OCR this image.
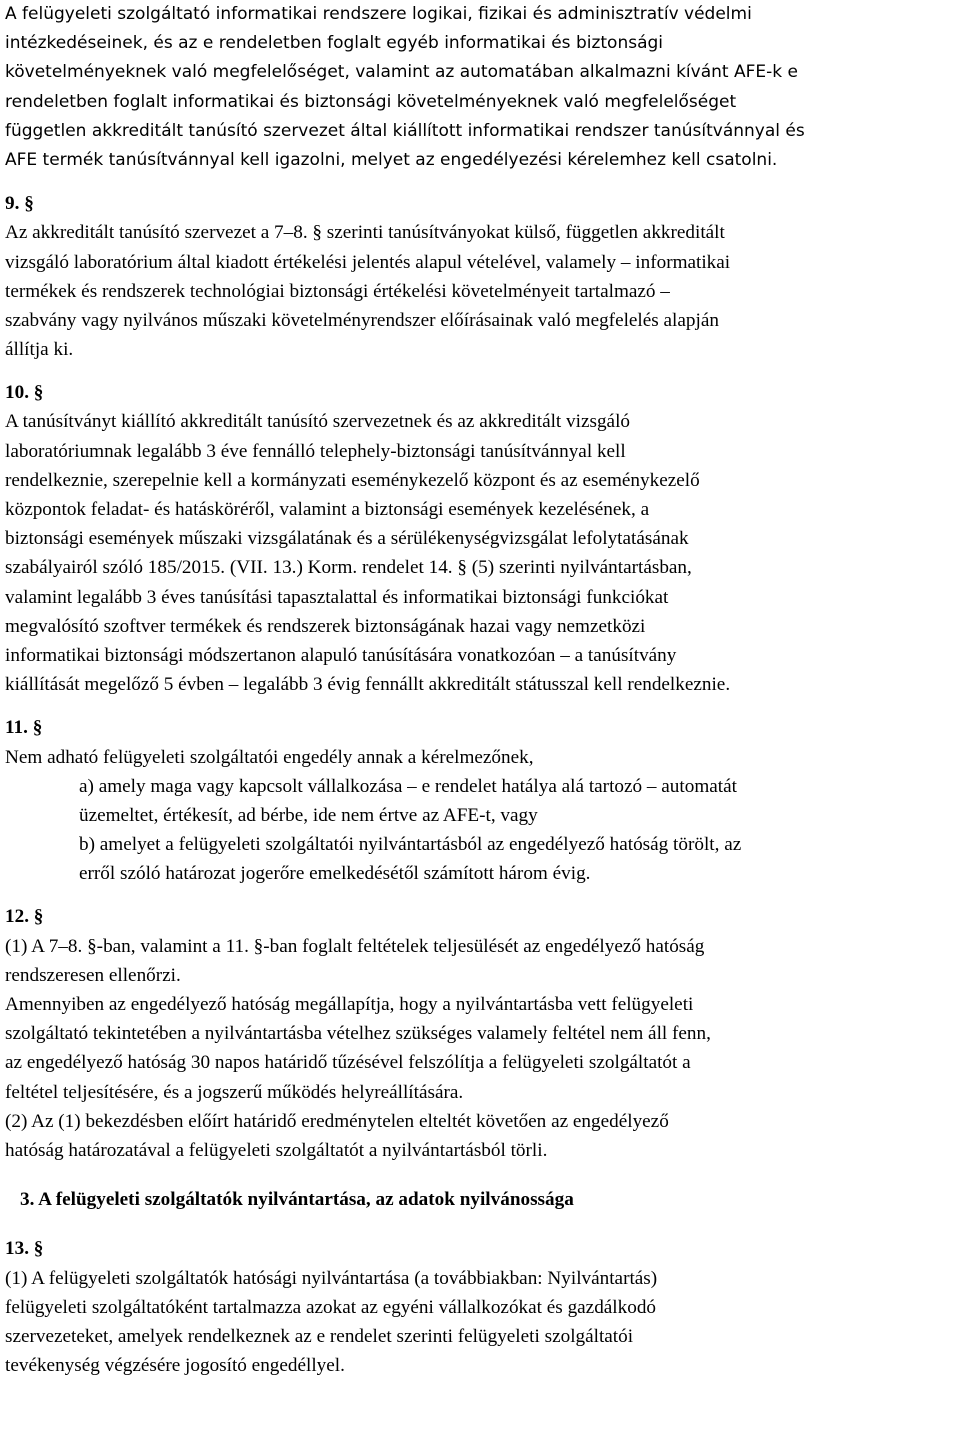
A felügyeleti szolgáltató informatikai rendszere logikai, fizikai és adminisztratív védelmi
intézkedéseinek, és az e rendeletben foglalt egyéb informatikai és biztonsági
követelményeknek való megfelelőséget, valamint az automatában alkalmazni kívánt AFE-k e
rendeletben foglalt informatikai és biztonsági követelményeknek való megfelelőséget
független akkreditált tanúsító szervezet által kiállított informatikai rendszer tanúsítvánnyal és
AFE termék tanúsítvánnyal kell igazolni, melyet az engedélyezési kérelemhez kell csatolni.
9. §
Az akkreditált tanúsító szervezet a 7–8. § szerinti tanúsítványokat külső, független akkreditált
vizsgáló laboratórium által kiadott értékelési jelentés alapul vételével, valamely – informatikai
termékek és rendszerek technológiai biztonsági értékelési követelményeit tartalmazó –
szabvány vagy nyilvános műszaki követelményrendszer előírásainak való megfelelés alapján
állítja ki.
10. §
A tanúsítványt kiállító akkreditált tanúsító szervezetnek és az akkreditált vizsgáló
laboratóriumnak legalább 3 éve fennálló telephely-biztonsági tanúsítvánnyal kell
rendelkeznie, szerepelnie kell a kormányzati eseménykezelő központ és az eseménykezelő
központok feladat- és hatásköréről, valamint a biztonsági események kezelésének, a
biztonsági események műszaki vizsgálatának és a sérülékenységvizsgálat lefolytatásának
szabályairól szóló 185/2015. (VII. 13.) Korm. rendelet 14. § (5) szerinti nyilvántartásban,
valamint legalább 3 éves tanúsítási tapasztalattal és informatikai biztonsági funkciókat
megvalósító szoftver termékek és rendszerek biztonságának hazai vagy nemzetközi
informatikai biztonsági módszertanon alapuló tanúsítására vonatkozóan – a tanúsítvány
kiállítását megelőző 5 évben – legalább 3 évig fennállt akkreditált státusszal kell rendelkeznie.
11. §
Nem adható felügyeleti szolgáltatói engedély annak a kérelmezőnek,
a) amely maga vagy kapcsolt vállalkozása – e rendelet hatálya alá tartozó – automatát
üzemeltet, értékesít, ad bérbe, ide nem értve az AFE-t, vagy
b) amelyet a felügyeleti szolgáltatói nyilvántartásból az engedélyező hatóság törölt, az
erről szóló határozat jogerőre emelkedésétől számított három évig.
12. §
(1) A 7–8. §-ban, valamint a 11. §-ban foglalt feltételek teljesülését az engedélyező hatóság
rendszeresen ellenőrzi.
Amennyiben az engedélyező hatóság megállapítja, hogy a nyilvántartásba vett felügyeleti
szolgáltató tekintetében a nyilvántartásba vételhez szükséges valamely feltétel nem áll fenn,
az engedélyező hatóság 30 napos határidő tűzésével felszólítja a felügyeleti szolgáltatót a
feltétel teljesítésére, és a jogszerű működés helyreállítására.
(2) Az (1) bekezdésben előírt határidő eredménytelen elteltét követően az engedélyező
hatóság határozatával a felügyeleti szolgáltatót a nyilvántartásból törli.
3. A felügyeleti szolgáltatók nyilvántartása, az adatok nyilvánossága
13. §
(1) A felügyeleti szolgáltatók hatósági nyilvántartása (a továbbiakban: Nyilvántartás)
felügyeleti szolgáltatóként tartalmazza azokat az egyéni vállalkozókat és gazdálkodó
szervezeteket, amelyek rendelkeznek az e rendelet szerinti felügyeleti szolgáltatói
tevékenység végzésére jogosító engedéllyel.
